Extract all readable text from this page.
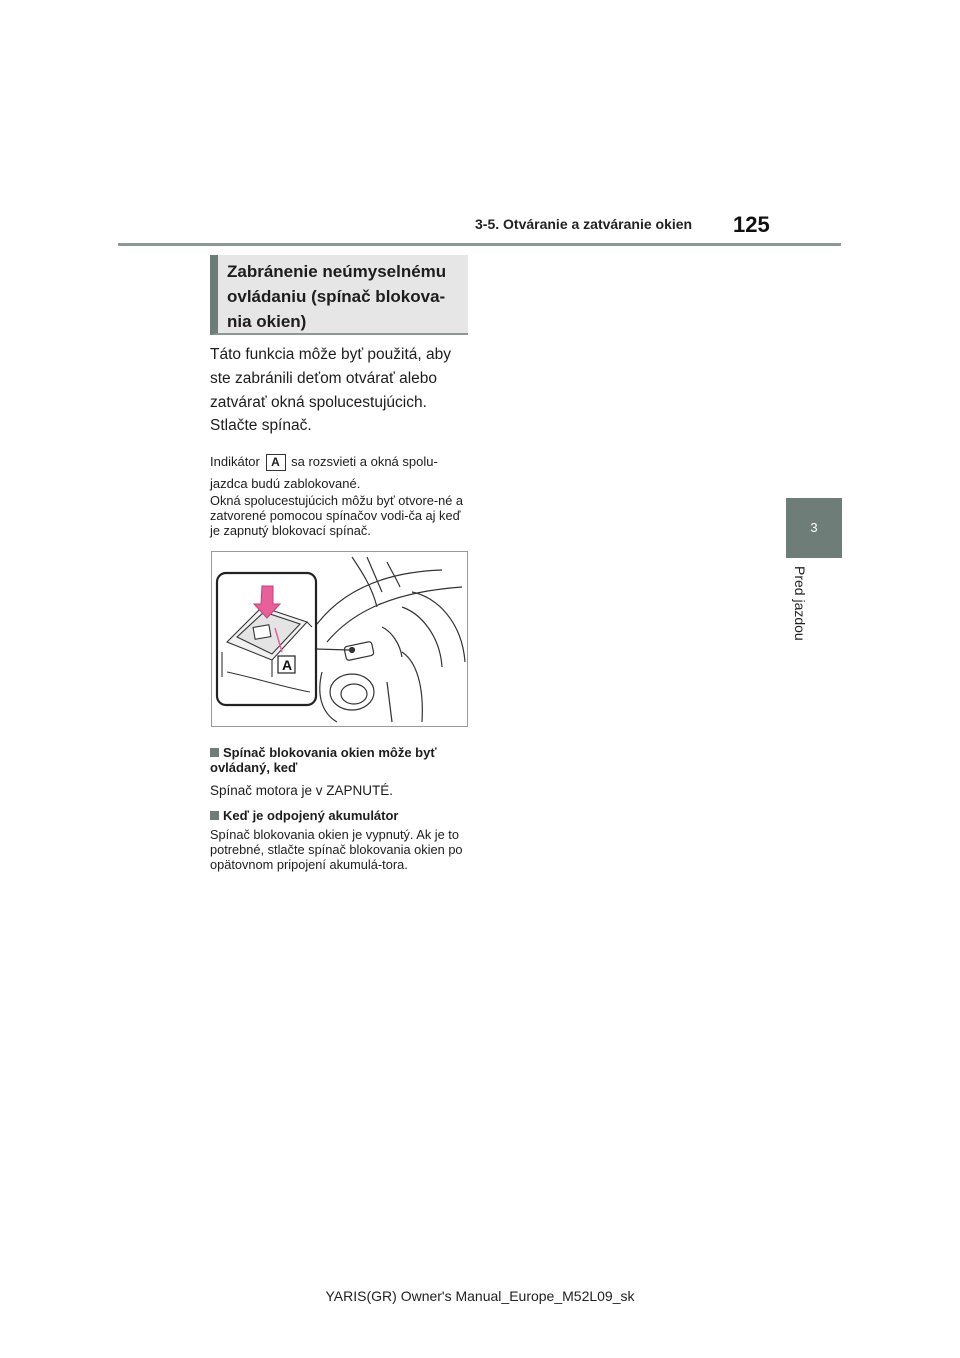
3-5. Otváranie a zatváranie okien 125
3
Pred jazdou
Zabránenie neúmyselnému ovládaniu (spínač blokova-nia okien)
Táto funkcia môže byť použitá, aby ste zabránili deťom otvárať alebo zatvárať okná spolucestujúcich.
Stlačte spínač.
Indikátor A sa rozsvieti a okná spolu-jazdca budú zablokované.
Okná spolucestujúcich môžu byť otvore-né a zatvorené pomocou spínačov vodi-ča aj keď je zapnutý blokovací spínač.
A
Spínač blokovania okien môže byť ovládaný, keď
Spínač motora je v ZAPNUTÉ.
Keď je odpojený akumulátor
Spínač blokovania okien je vypnutý. Ak je to potrebné, stlačte spínač blokovania okien po opätovnom pripojení akumulá-tora.
YARIS(GR) Owner's Manual_Europe_M52L09_sk
